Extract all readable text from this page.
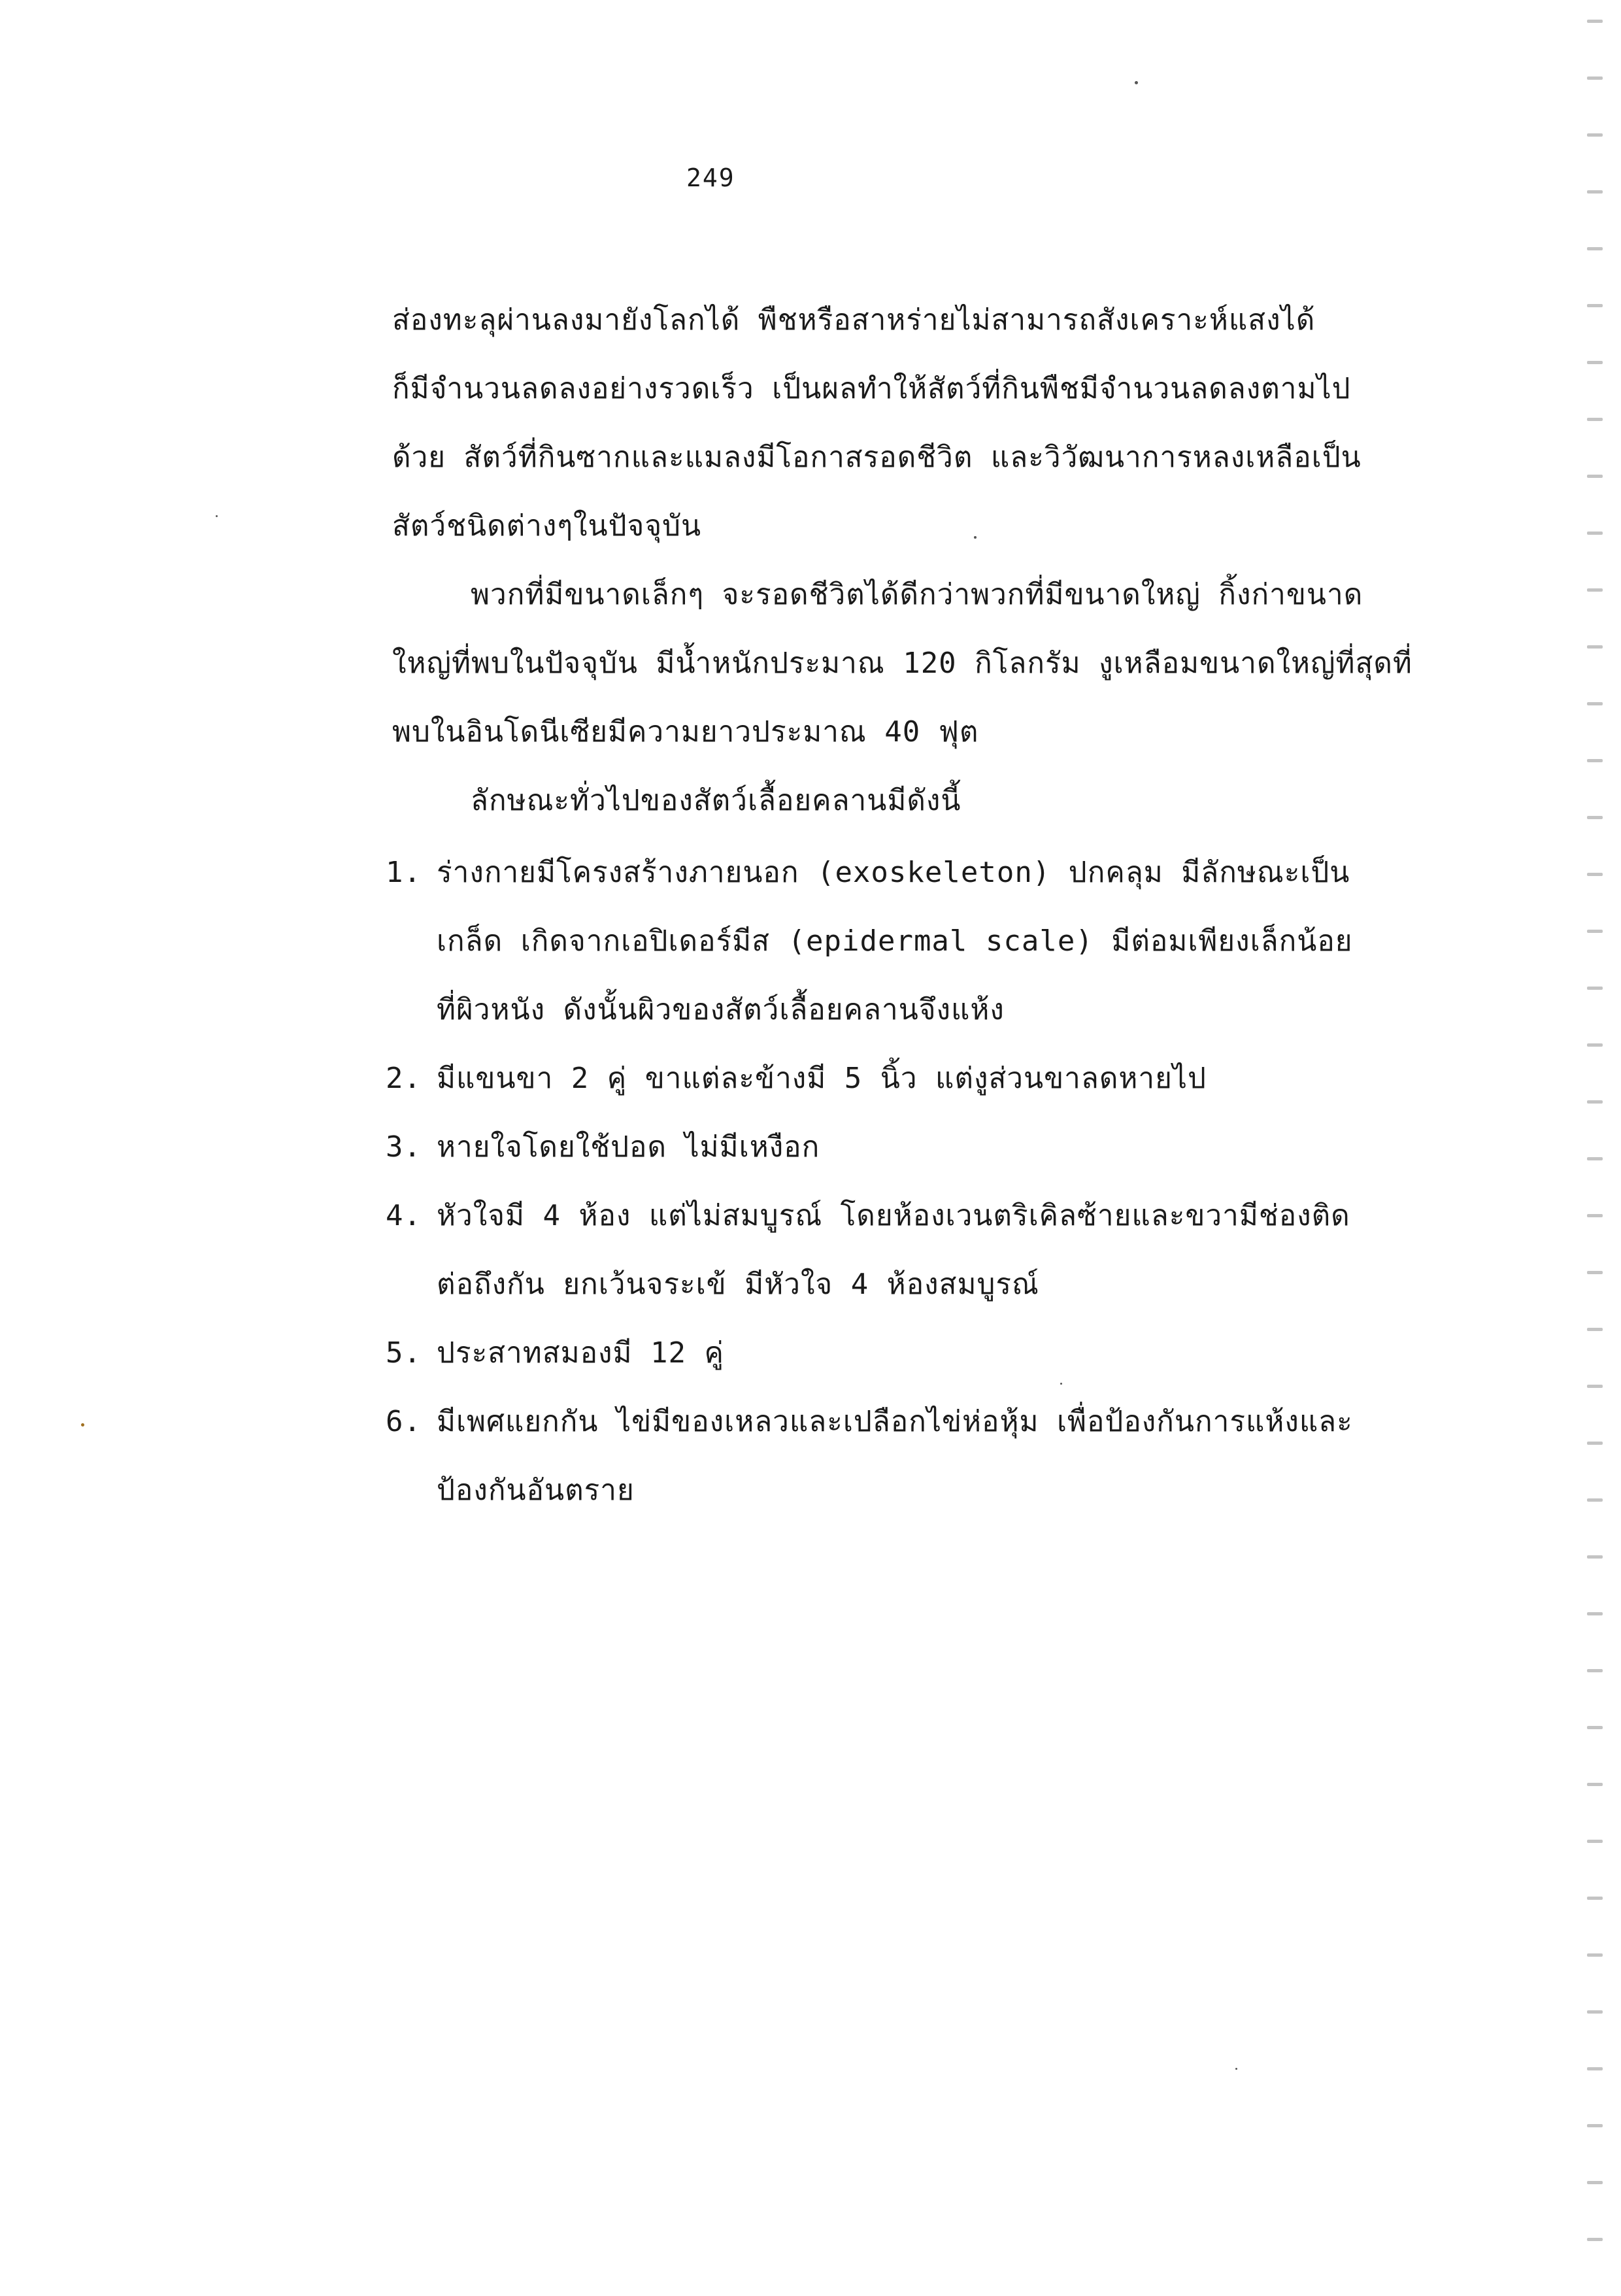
249
ส่องทะลุผ่านลงมายังโลกได้ พืชหรือสาหร่ายไม่สามารถสังเคราะห์แสงได้
ก็มีจำนวนลดลงอย่างรวดเร็ว เป็นผลทำให้สัตว์ที่กินพืชมีจำนวนลดลงตามไป
ด้วย สัตว์ที่กินซากและแมลงมีโอกาสรอดชีวิต และวิวัฒนาการหลงเหลือเป็น
สัตว์ชนิดต่างๆในปัจจุบัน
พวกที่มีขนาดเล็กๆ จะรอดชีวิตได้ดีกว่าพวกที่มีขนาดใหญ่ กิ้งก่าขนาด
ใหญ่ที่พบในปัจจุบัน มีน้ำหนักประมาณ 120 กิโลกรัม งูเหลือมขนาดใหญ่ที่สุดที่
พบในอินโดนีเซียมีความยาวประมาณ 40 ฟุต
ลักษณะทั่วไปของสัตว์เลื้อยคลานมีดังนี้
1. ร่างกายมีโครงสร้างภายนอก (exoskeleton) ปกคลุม มีลักษณะเป็น
เกล็ด เกิดจากเอปิเดอร์มีส (epidermal scale) มีต่อมเพียงเล็กน้อย
ที่ผิวหนัง ดังนั้นผิวของสัตว์เลื้อยคลานจึงแห้ง
2. มีแขนขา 2 คู่ ขาแต่ละข้างมี 5 นิ้ว แต่งูส่วนขาลดหายไป
3. หายใจโดยใช้ปอด ไม่มีเหงือก
4. หัวใจมี 4 ห้อง แต่ไม่สมบูรณ์ โดยห้องเวนตริเคิลซ้ายและขวามีช่องติด
ต่อถึงกัน ยกเว้นจระเข้ มีหัวใจ 4 ห้องสมบูรณ์
5. ประสาทสมองมี 12 คู่
6. มีเพศแยกกัน ไข่มีของเหลวและเปลือกไข่ห่อหุ้ม เพื่อป้องกันการแห้งและ
ป้องกันอันตราย
